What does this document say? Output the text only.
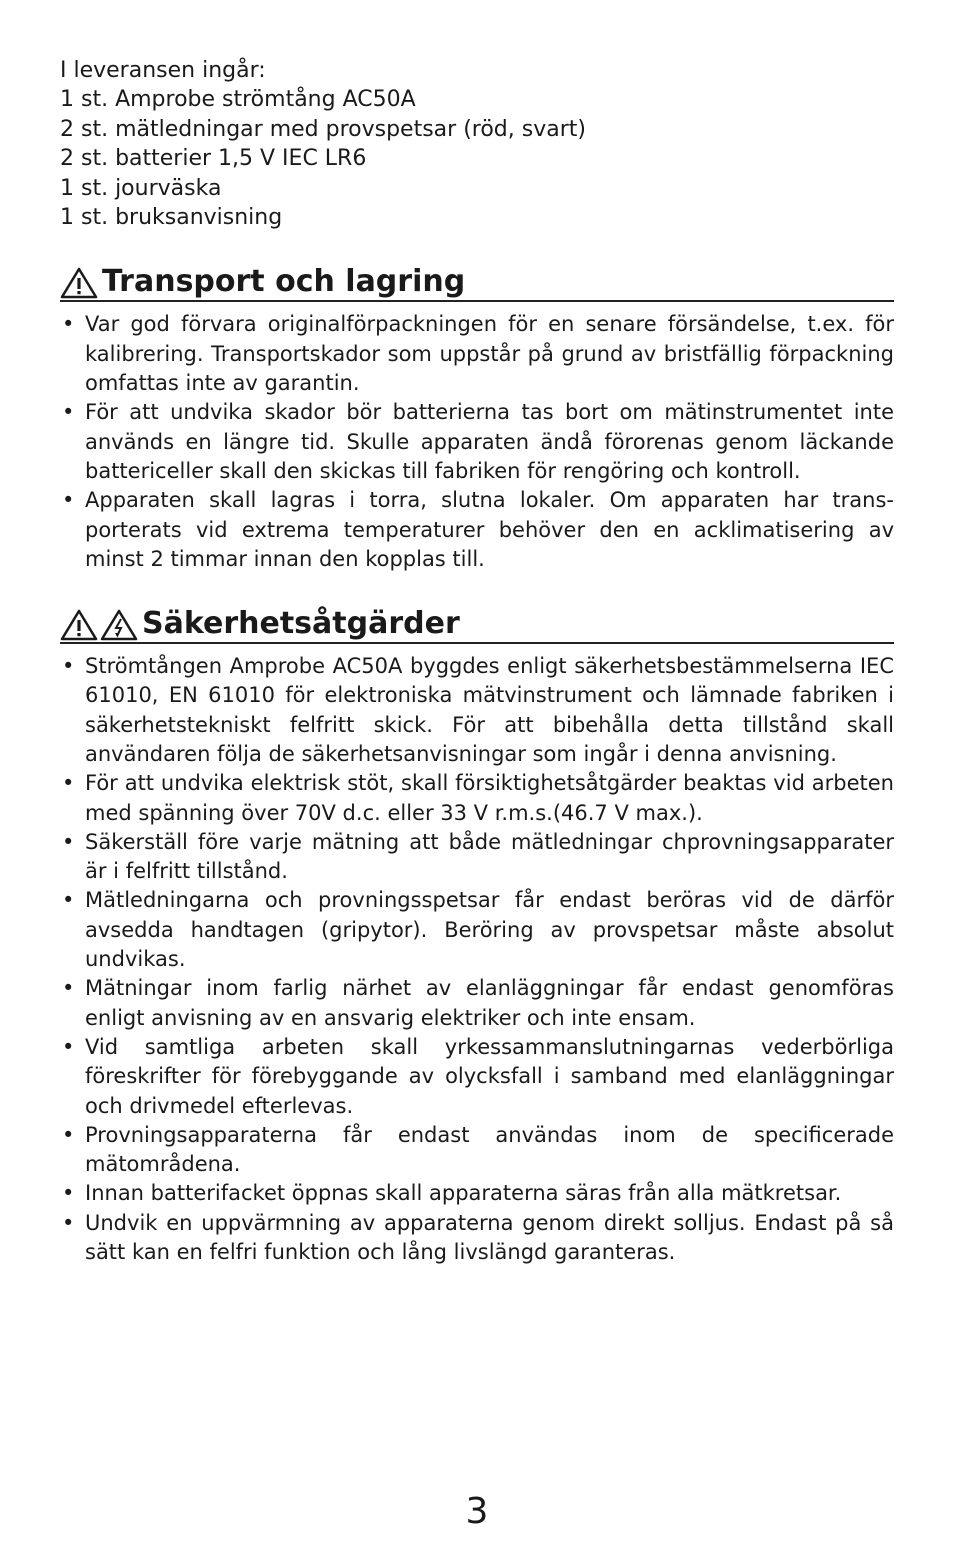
I leveransen ingår:
1 st. Amprobe strömtång AC50A
2 st. mätledningar med provspetsar (röd, svart)
2 st. batterier 1,5 V IEC LR6
1 st. jourväska
1 st. bruksanvisning
Transport och lagring
• Var god förvara originalförpackningen för en senare försändelse, t.ex. för kalibrering. Transportskador som uppstår på grund av bristfällig förpackning omfattas inte av garantin.
• För att undvika skador bör batterierna tas bort om mätinstrumentet inte används en längre tid. Skulle apparaten ändå förorenas genom läckande battericeller skall den skickas till fabriken för rengöring och kontroll.
• Apparaten skall lagras i torra, slutna lokaler. Om apparaten har transporterats vid extrema temperaturer behöver den en acklimatisering av minst 2 timmar innan den kopplas till.
Säkerhetsåtgärder
• Strömtången Amprobe AC50A byggdes enligt säkerhetsbestämmelserna IEC 61010, EN 61010 för elektroniska mätvinstrument och lämnade fabriken i säkerhetstekniskt felfritt skick. För att bibehålla detta tillstånd skall användaren följa de säkerhetsanvisningar som ingår i denna anvisning.
• För att undvika elektrisk stöt, skall försiktighetsåtgärder beaktas vid arbeten med spänning över 70V d.c. eller 33 V r.m.s.(46.7 V max.).
• Säkerställ före varje mätning att både mätledningar chprovningsapparater är i felfritt tillstånd.
• Mätledningarna och provningsspetsar får endast beröras vid de därför avsedda handtagen (gripytor). Beröring av provspetsar måste absolut undvikas.
• Mätningar inom farlig närhet av elanläggningar får endast genomföras enligt anvisning av en ansvarig elektriker och inte ensam.
• Vid samtliga arbeten skall yrkessammanslutningarnas vederbörliga föreskrifter för förebyggande av olycksfall i samband med elanläggningar och drivmedel efterlevas.
• Provningsapparaterna får endast användas inom de specificerade mätområdena.
• Innan batterifacket öppnas skall apparaterna säras från alla mätkretsar.
• Undvik en uppvärmning av apparaterna genom direkt solljus. Endast på så sätt kan en felfri funktion och lång livslängd garanteras.
3
